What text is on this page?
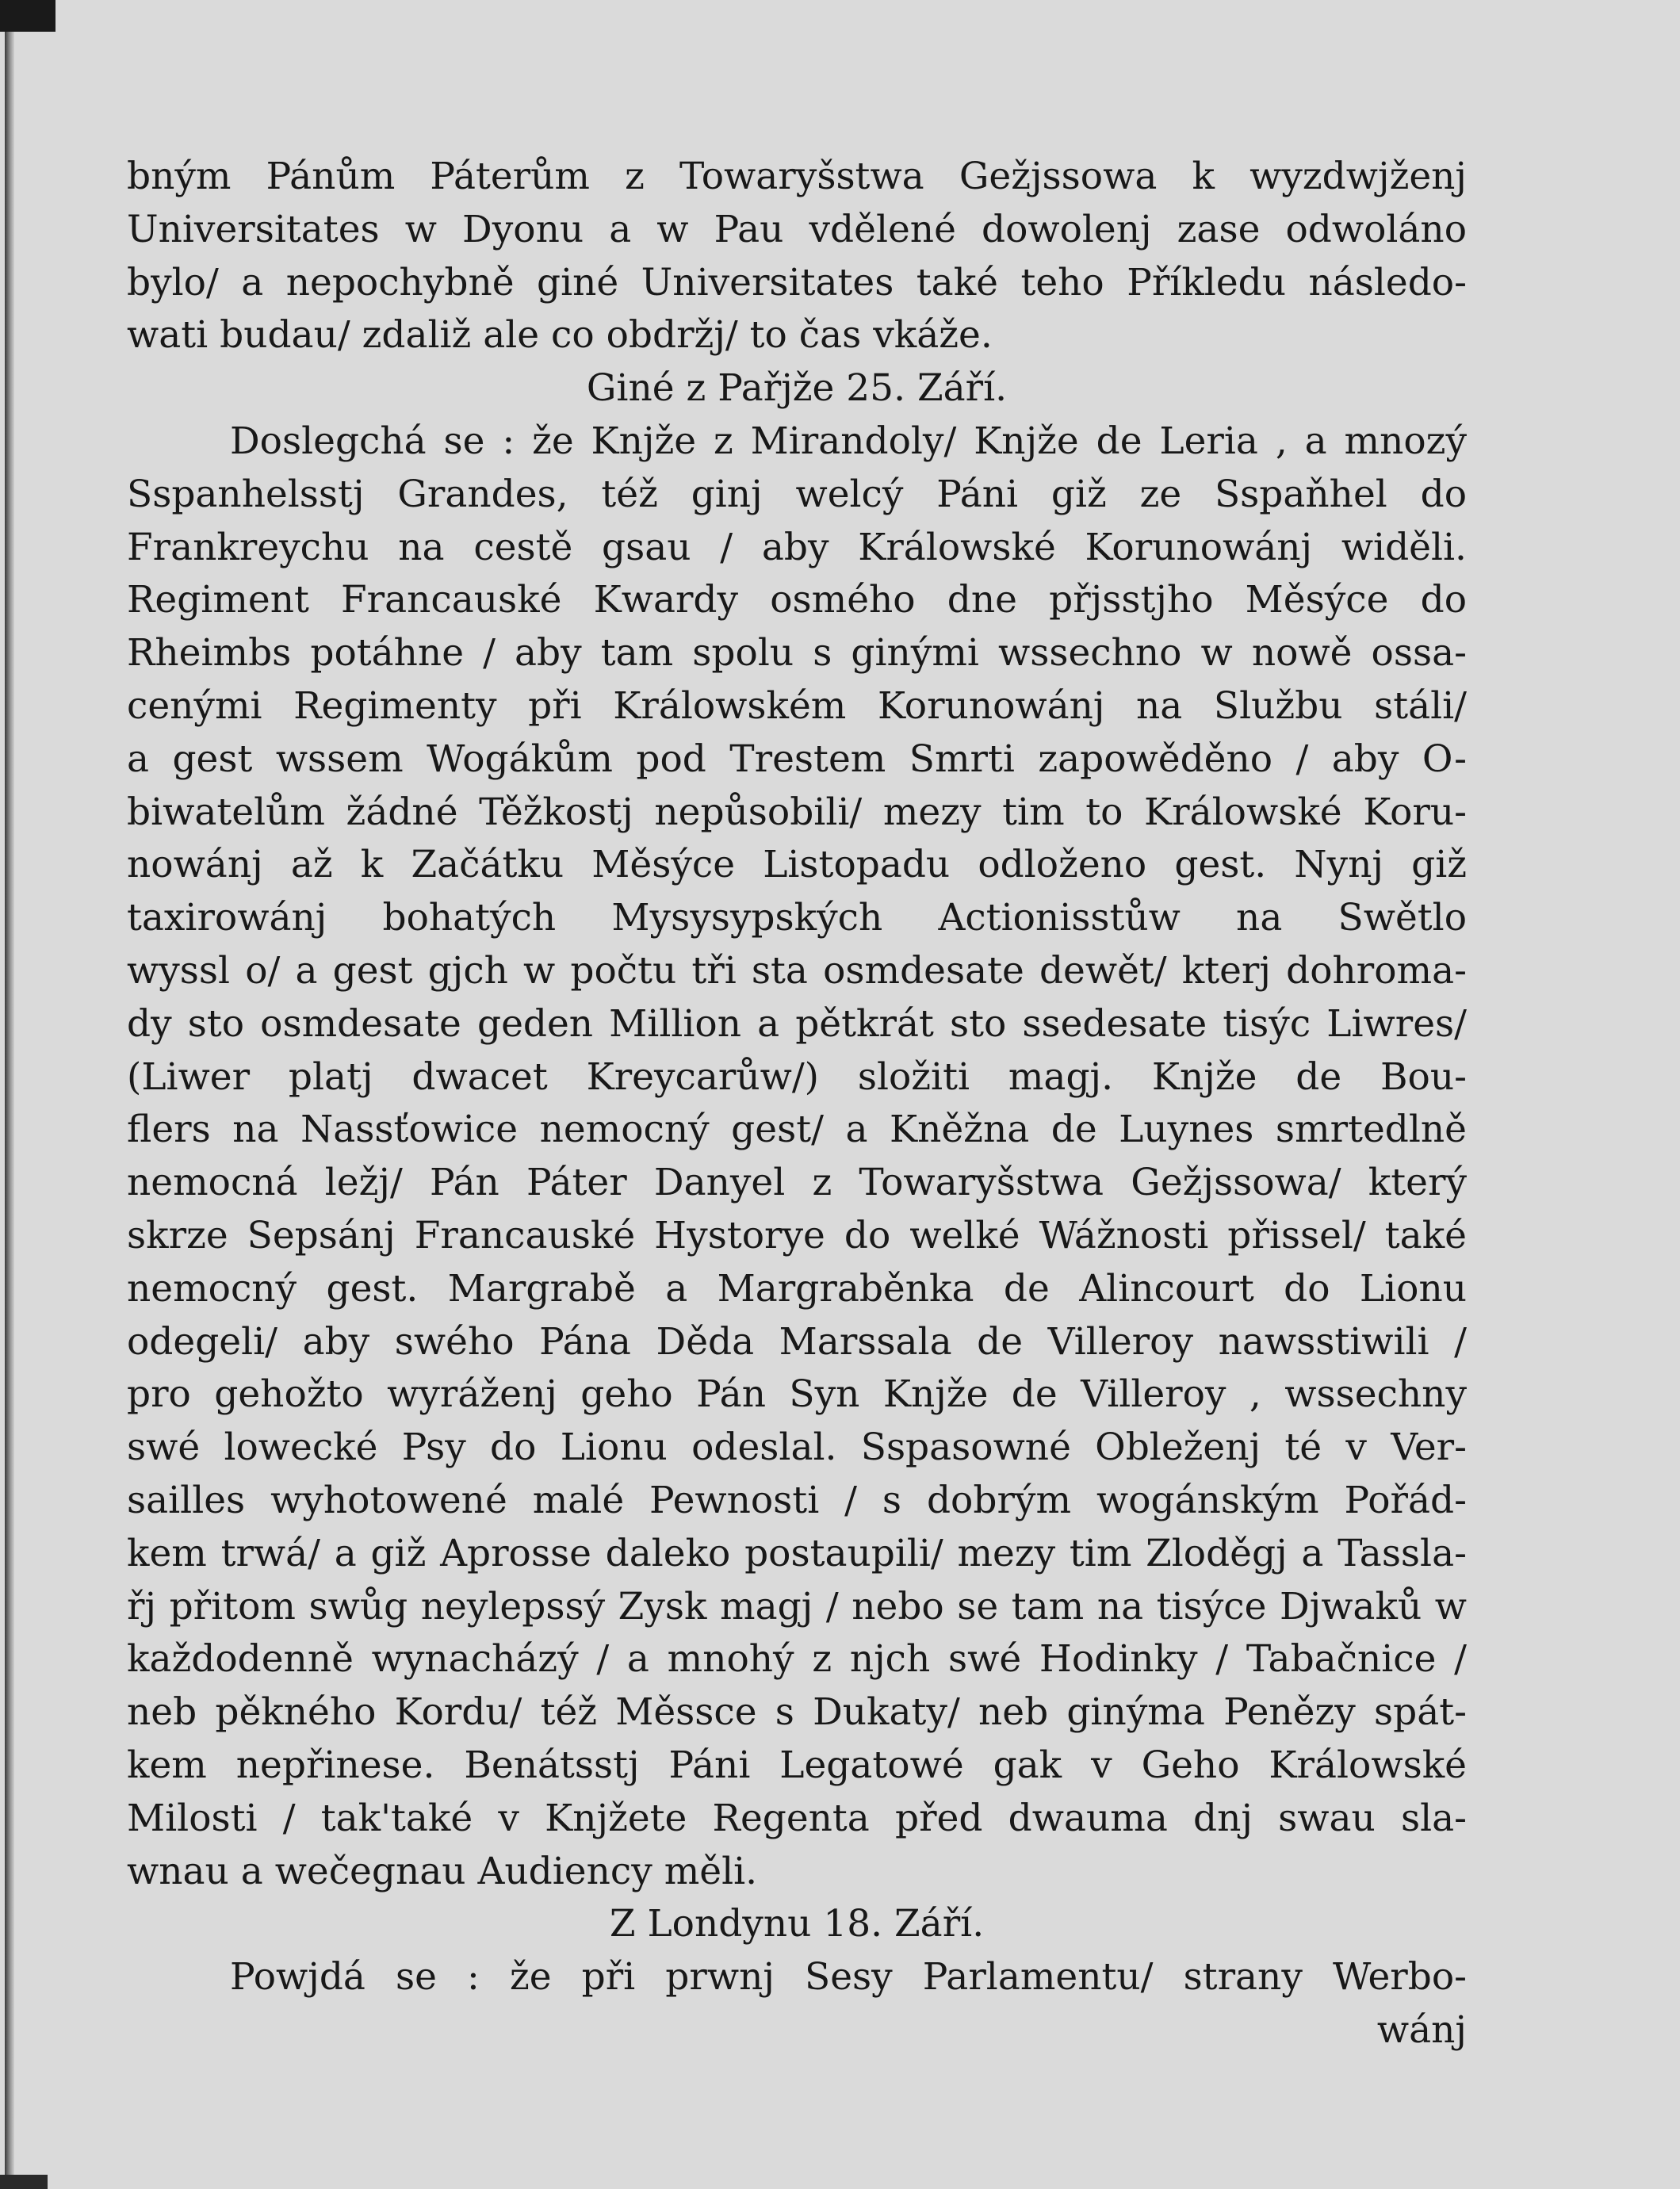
bným Pánům Páterům z Towaryšstwa Gežjssowa k wyzdwjženj
Universitates w Dyonu a w Pau vdělené dowolenj zase odwoláno
bylo/ a nepochybně giné Universitates také teho Příkledu následo-
wati budau/ zdaliž ale co obdržj/ to čas vkáže.
Giné z Pařjže 25. Září.
Doslegchá se : že Knjže z Mirandoly/ Knjže de Leria , a mnozý
Sspanhelsstj Grandes, též ginj welcý Páni giž ze Sspaňhel do
Frankreychu na cestě gsau / aby Králowské Korunowánj widěli.
Regiment Francauské Kwardy osmého dne přjsstjho Měsýce do
Rheimbs potáhne / aby tam spolu s ginými wssechno w nowě ossa-
cenými Regimenty při Králowském Korunowánj na Službu stáli/
a gest wssem Wogákům pod Trestem Smrti zapowěděno / aby O-
biwatelům žádné Těžkostj nepůsobili/ mezy tim to Králowské Koru-
nowánj až k Začátku Měsýce Listopadu odloženo gest. Nynj giž
taxirowánj bohatých Mysysypských Actionisstůw na Swětlo
wyssl o/ a gest gjch w počtu tři sta osmdesate dewět/ kterj dohroma-
dy sto osmdesate geden Million a pětkrát sto ssedesate tisýc Liwres/
(Liwer platj dwacet Kreycarůw/) složiti magj. Knjže de Bou-
flers na Nassťowice nemocný gest/ a Kněžna de Luynes smrtedlně
nemocná ležj/ Pán Páter Danyel z Towaryšstwa Gežjssowa/ který
skrze Sepsánj Francauské Hystorye do welké Wážnosti přissel/ také
nemocný gest. Margrabě a Margraběnka de Alincourt do Lionu
odegeli/ aby swého Pána Děda Marssala de Villeroy nawsstiwili /
pro gehožto wyráženj geho Pán Syn Knjže de Villeroy , wssechny
swé lowecké Psy do Lionu odeslal. Sspasowné Obleženj té v Ver-
sailles wyhotowené malé Pewnosti / s dobrým wogánským Pořád-
kem trwá/ a giž Aprosse daleko postaupili/ mezy tim Zloděgj a Tassla-
řj přitom swůg neylepssý Zysk magj / nebo se tam na tisýce Djwaků w
každodenně wynacházý / a mnohý z njch swé Hodinky / Tabačnice /
neb pěkného Kordu/ též Měssce s Dukaty/ neb ginýma Penězy spát-
kem nepřinese. Benátsstj Páni Legatowé gak v Geho Králowské
Milosti / tak'také v Knjžete Regenta před dwauma dnj swau sla-
wnau a wečegnau Audiency měli.
Z Londynu 18. Září.
Powjdá se : že při prwnj Sesy Parlamentu/ strany Werbo-
wánj
